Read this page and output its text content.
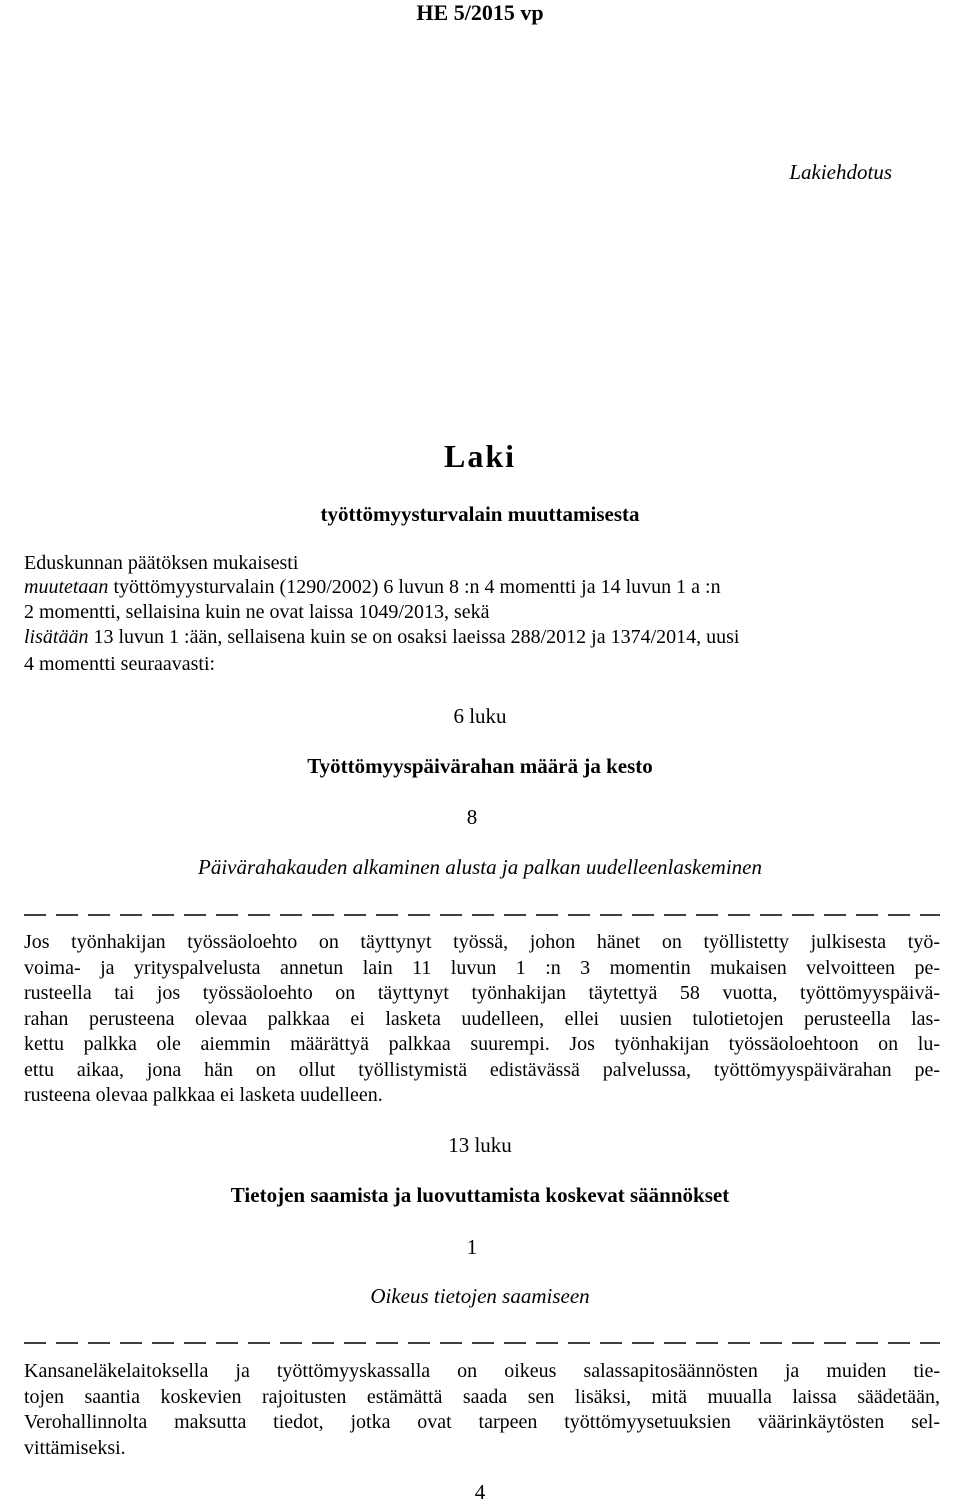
HE 5/2015 vp
Lakiehdotus
Laki
työttömyysturvalain muuttamisesta
Eduskunnan päätöksen mukaisesti
muutetaan työttömyysturvalain (1290/2002) 6 luvun 8 :n 4 momentti ja 14 luvun 1 a :n
2 momentti, sellaisina kuin ne ovat laissa 1049/2013, sekä
lisätään 13 luvun 1 :ään, sellaisena kuin se on osaksi laeissa 288/2012 ja 1374/2014, uusi
4 momentti seuraavasti:
6 luku
Työttömyyspäivärahan määrä ja kesto
8
Päivärahakauden alkaminen alusta ja palkan uudelleenlaskeminen
Jos työnhakijan työssäoloehto on täyttynyt työssä, johon hänet on työllistetty julkisesta työ-
voima- ja yrityspalvelusta annetun lain 11 luvun 1 :n 3 momentin mukaisen velvoitteen pe-
rusteella tai jos työssäoloehto on täyttynyt työnhakijan täytettyä 58 vuotta, työttömyyspäivä-
rahan perusteena olevaa palkkaa ei lasketa uudelleen, ellei uusien tulotietojen perusteella las-
kettu palkka ole aiemmin määrättyä palkkaa suurempi. Jos työnhakijan työssäoloehtoon on lu-
ettu aikaa, jona hän on ollut työllistymistä edistävässä palvelussa, työttömyyspäivärahan pe-
rusteena olevaa palkkaa ei lasketa uudelleen.
13 luku
Tietojen saamista ja luovuttamista koskevat säännökset
1
Oikeus tietojen saamiseen
Kansaneläkelaitoksella ja työttömyyskassalla on oikeus salassapitosäännösten ja muiden tie-
tojen saantia koskevien rajoitusten estämättä saada sen lisäksi, mitä muualla laissa säädetään,
Verohallinnolta maksutta tiedot, jotka ovat tarpeen työttömyysetuuksien väärinkäytösten sel-
vittämiseksi.
4
